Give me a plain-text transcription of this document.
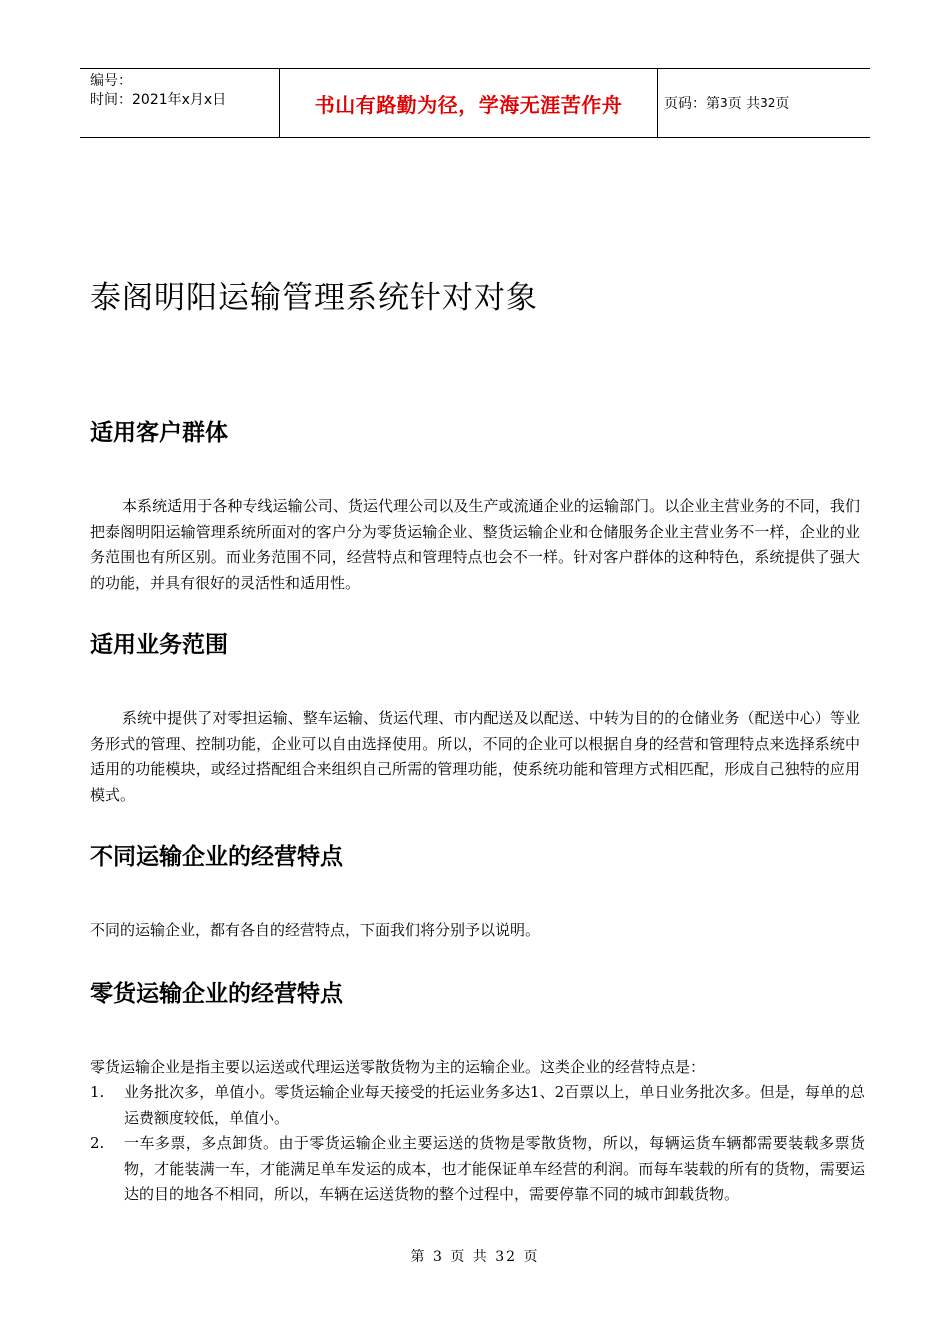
编号：
时间：2021年x月x日	书山有路勤为径，学海无涯苦作舟	页码：第 3 页 共 32 页
泰阁明阳运输管理系统针对对象
适用客户群体

本系统适用于各种专线运输公司、货运代理公司以及生产或流通企业的运输部门。以企业主营业务的不同，我们把泰阁明阳运输管理系统所面对的客户分为零货运输企业、整货运输企业和仓储服务企业主营业务不一样，企业的业务范围也有所区别。而业务范围不同，经营特点和管理特点也会不一样。针对客户群体的这种特色，系统提供了强大的功能，并具有很好的灵活性和适用性。

适用业务范围

系统中提供了对零担运输、整车运输、货运代理、市内配送及以配送、中转为目的的仓储业务（配送中心）等业务形式的管理、控制功能，企业可以自由选择使用。所以，不同的企业可以根据自身的经营和管理特点来选择系统中适用的功能模块，或经过搭配组合来组织自己所需的管理功能，使系统功能和管理方式相匹配，形成自己独特的应用模式。

不同运输企业的经营特点

不同的运输企业，都有各自的经营特点，下面我们将分别予以说明。

零货运输企业的经营特点

零货运输企业是指主要以运送或代理运送零散货物为主的运输企业。这类企业的经营特点是：

1. 业务批次多，单值小。零货运输企业每天接受的托运业务多达1、2百票以上，单日业务批次多。但是，每单的总运费额度较低，单值小。
2. 一车多票，多点卸货。由于零货运输企业主要运送的货物是零散货物，所以，每辆运货车辆都需要装载多票货物，才能装满一车，才能满足单车发运的成本，也才能保证单车经营的利润。而每车装载的所有的货物，需要运达的目的地各不相同，所以，车辆在运送货物的整个过程中，需要停靠不同的城市卸载货物。
第 3 页 共 32 页
